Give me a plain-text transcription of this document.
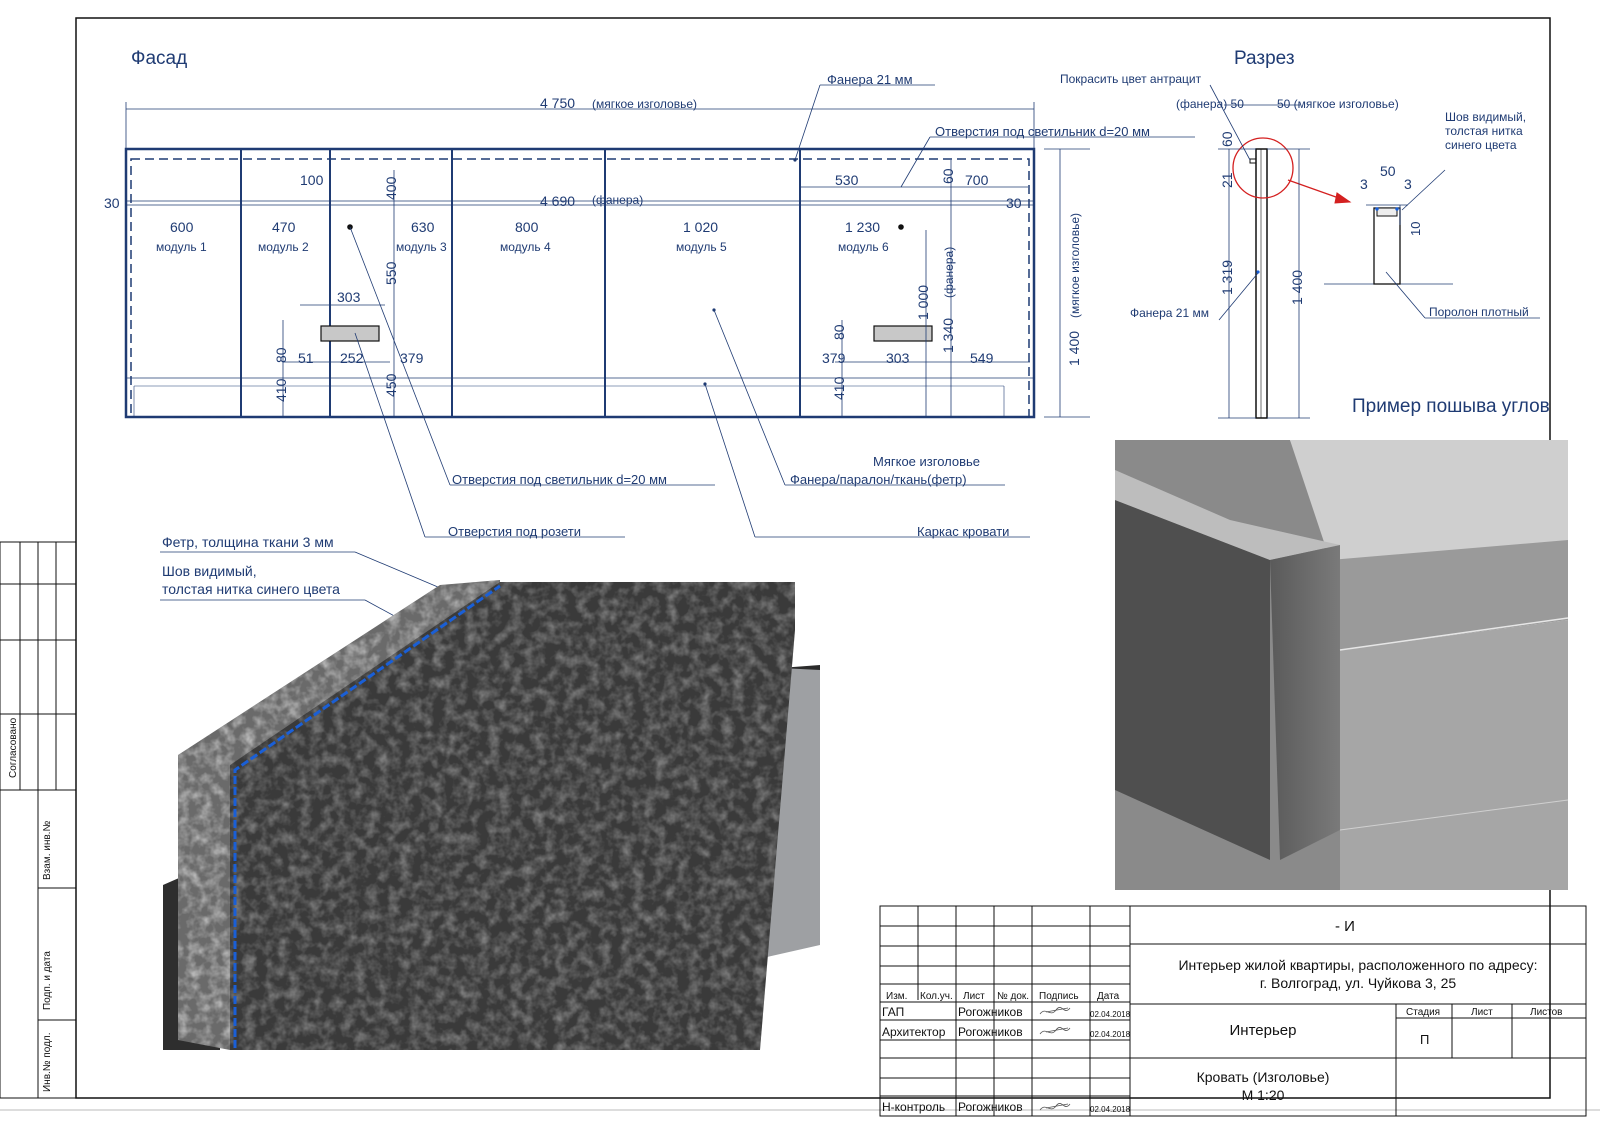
Согласовано
Взам. инв.№
Подп. и дата
Инв.№ подл.
Фасад
4 750 (мягкое изголовье)
4 690 (фанера)
30	30
600
модуль 1
470
модуль 2
630
модуль 3
800
модуль 4
1 020
модуль 5
1 230
модуль 6
100	400
550
303
80 51 252	379
410	450
530	700
60
1 000
1 340
(фанера)
80
379	303	549
410
1 400
(мягкое изголовье)
Фанера 21 мм
Отверстия под светильник d=20 мм
Отверстия под светильник d=20 мм
Отверстия под розети
Мягкое изголовье
Фанера/паралон/ткань(фетр)
Каркас кровати
Разрез
Покрасить цвет антрацит
(фанера) 50	50 (мягкое изголовье)
60
21
1 319	1 400
Фанера 21 мм
50
3	3
10
Шов видимый,
толстая нитка
синего цвета
Поролон плотный
Пример пошыва углов
Фетр, толщина ткани 3 мм
Шов видимый,
толстая нитка синего цвета
Изм. Кол.уч. Лист № док. Подпись Дата
ГАП	Рогожников	02.04.2018
Архитектор Рогожников	02.04.2018
Н-контроль Рогожников	02.04.2018
- И
Интерьер жилой квартиры, расположенного по адресу:
г. Волгоград, ул. Чуйкова 3, 25
Интерьер
Кровать (Изголовье)
М 1:20
Стадия	Лист	Листов
П
